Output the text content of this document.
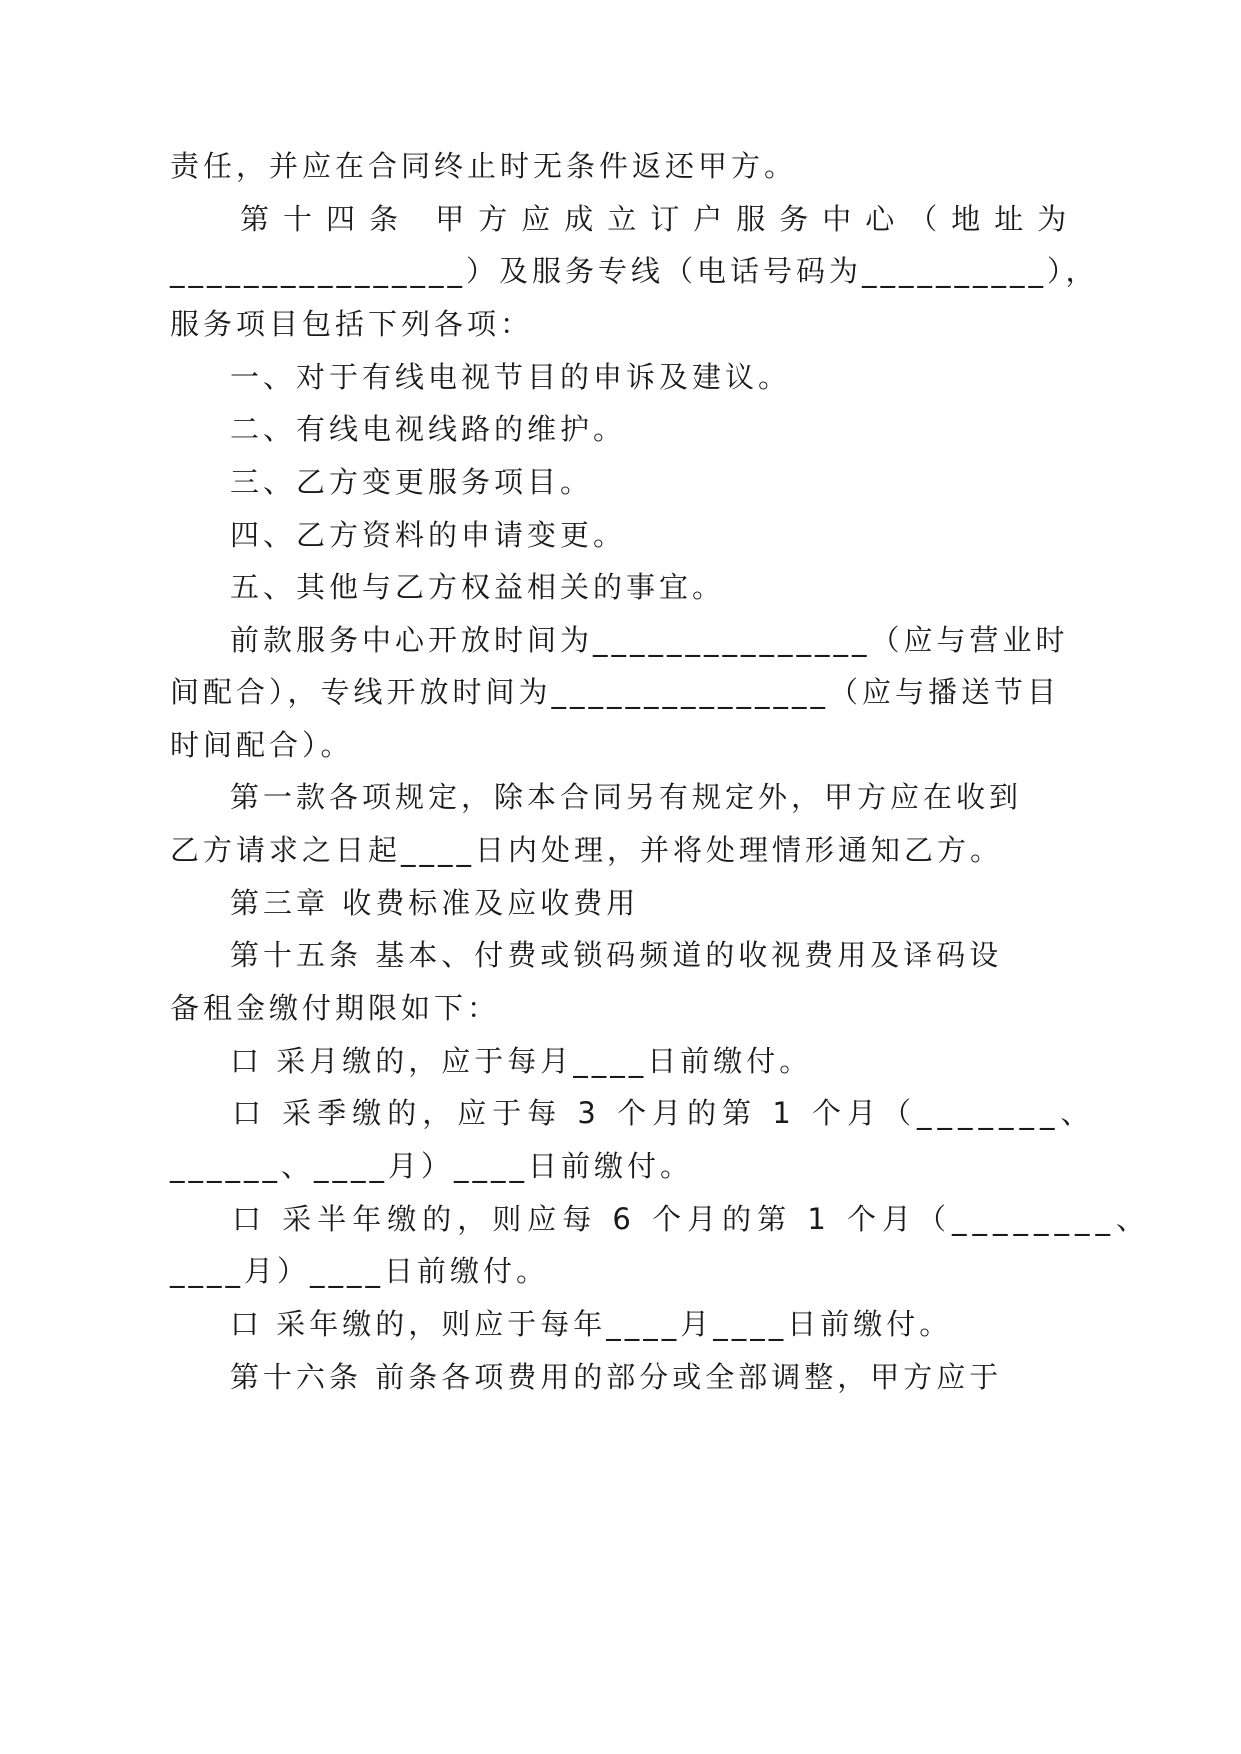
责任，并应在合同终止时无条件返还甲方。
第十四条 甲方应成立订户服务中心（地址为
________________）及服务专线（电话号码为__________），
服务项目包括下列各项：
一、对于有线电视节目的申诉及建议。
二、有线电视线路的维护。
三、乙方变更服务项目。
四、乙方资料的申请变更。
五、其他与乙方权益相关的事宜。
前款服务中心开放时间为_______________（应与营业时
间配合），专线开放时间为_______________（应与播送节目
时间配合）。
第一款各项规定，除本合同另有规定外，甲方应在收到
乙方请求之日起____日内处理，并将处理情形通知乙方。
第三章 收费标准及应收费用
第十五条 基本、付费或锁码频道的收视费用及译码设
备租金缴付期限如下：
口 采月缴的，应于每月____日前缴付。
口 采季缴的，应于每 3 个月的第 1 个月（_______、
______、____月）____日前缴付。
口 采半年缴的，则应每 6 个月的第 1 个月（________、
____月）____日前缴付。
口 采年缴的，则应于每年____月____日前缴付。
第十六条 前条各项费用的部分或全部调整，甲方应于
